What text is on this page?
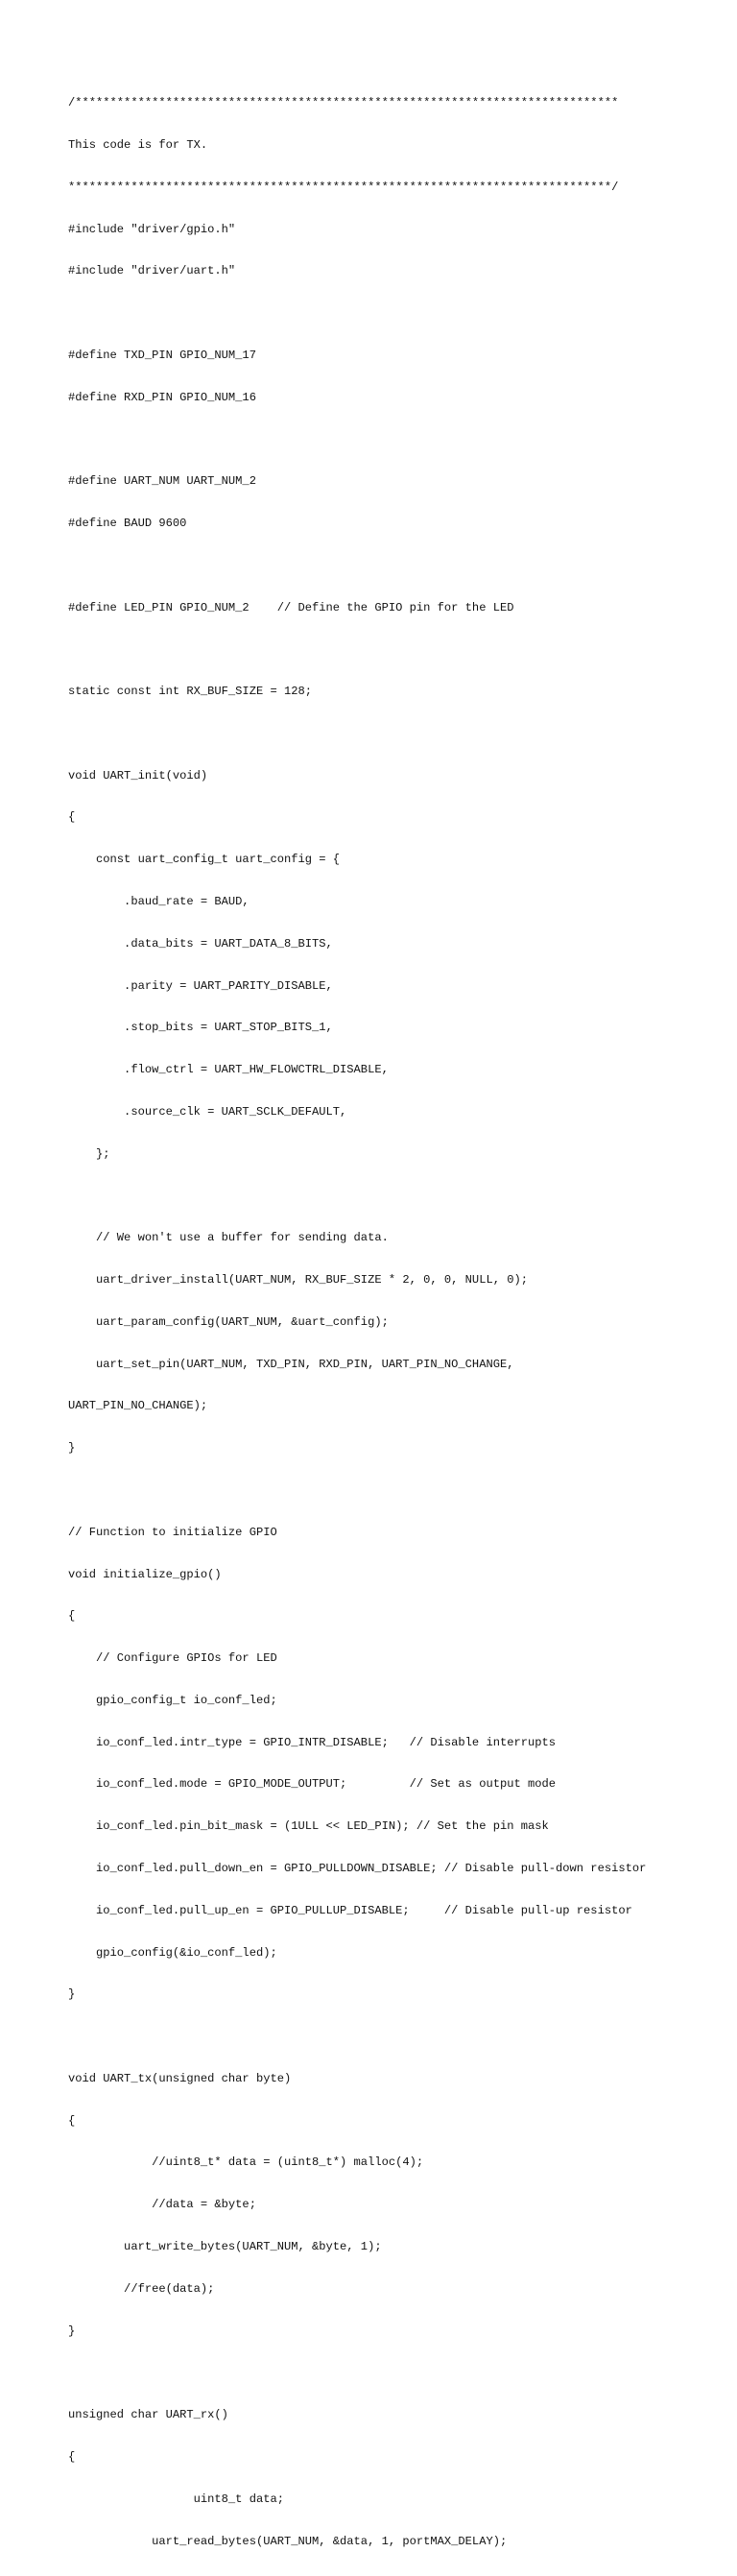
/******************************************************************************

This code is for TX.

******************************************************************************/

#include "driver/gpio.h"

#include "driver/uart.h"

#define TXD_PIN GPIO_NUM_17

#define RXD_PIN GPIO_NUM_16

#define UART_NUM UART_NUM_2

#define BAUD 9600

#define LED_PIN GPIO_NUM_2    // Define the GPIO pin for the LED

static const int RX_BUF_SIZE = 128;

void UART_init(void)

{

const uart_config_t uart_config = {

.baud_rate = BAUD,

.data_bits = UART_DATA_8_BITS,

.parity = UART_PARITY_DISABLE,

.stop_bits = UART_STOP_BITS_1,

.flow_ctrl = UART_HW_FLOWCTRL_DISABLE,

.source_clk = UART_SCLK_DEFAULT,

};

// We won't use a buffer for sending data.

uart_driver_install(UART_NUM, RX_BUF_SIZE * 2, 0, 0, NULL, 0);

uart_param_config(UART_NUM, &uart_config);

uart_set_pin(UART_NUM, TXD_PIN, RXD_PIN, UART_PIN_NO_CHANGE,

UART_PIN_NO_CHANGE);

}

// Function to initialize GPIO

void initialize_gpio()

{

// Configure GPIOs for LED

gpio_config_t io_conf_led;

io_conf_led.intr_type = GPIO_INTR_DISABLE;   // Disable interrupts

io_conf_led.mode = GPIO_MODE_OUTPUT;         // Set as output mode

io_conf_led.pin_bit_mask = (1ULL << LED_PIN); // Set the pin mask

io_conf_led.pull_down_en = GPIO_PULLDOWN_DISABLE; // Disable pull-down resistor

io_conf_led.pull_up_en = GPIO_PULLUP_DISABLE;     // Disable pull-up resistor

gpio_config(&io_conf_led);

}

void UART_tx(unsigned char byte)

{

//uint8_t* data = (uint8_t*) malloc(4);

//data = &byte;

uart_write_bytes(UART_NUM, &byte, 1);

//free(data);

}

unsigned char UART_rx()

{

uint8_t data;

uart_read_bytes(UART_NUM, &data, 1, portMAX_DELAY);
